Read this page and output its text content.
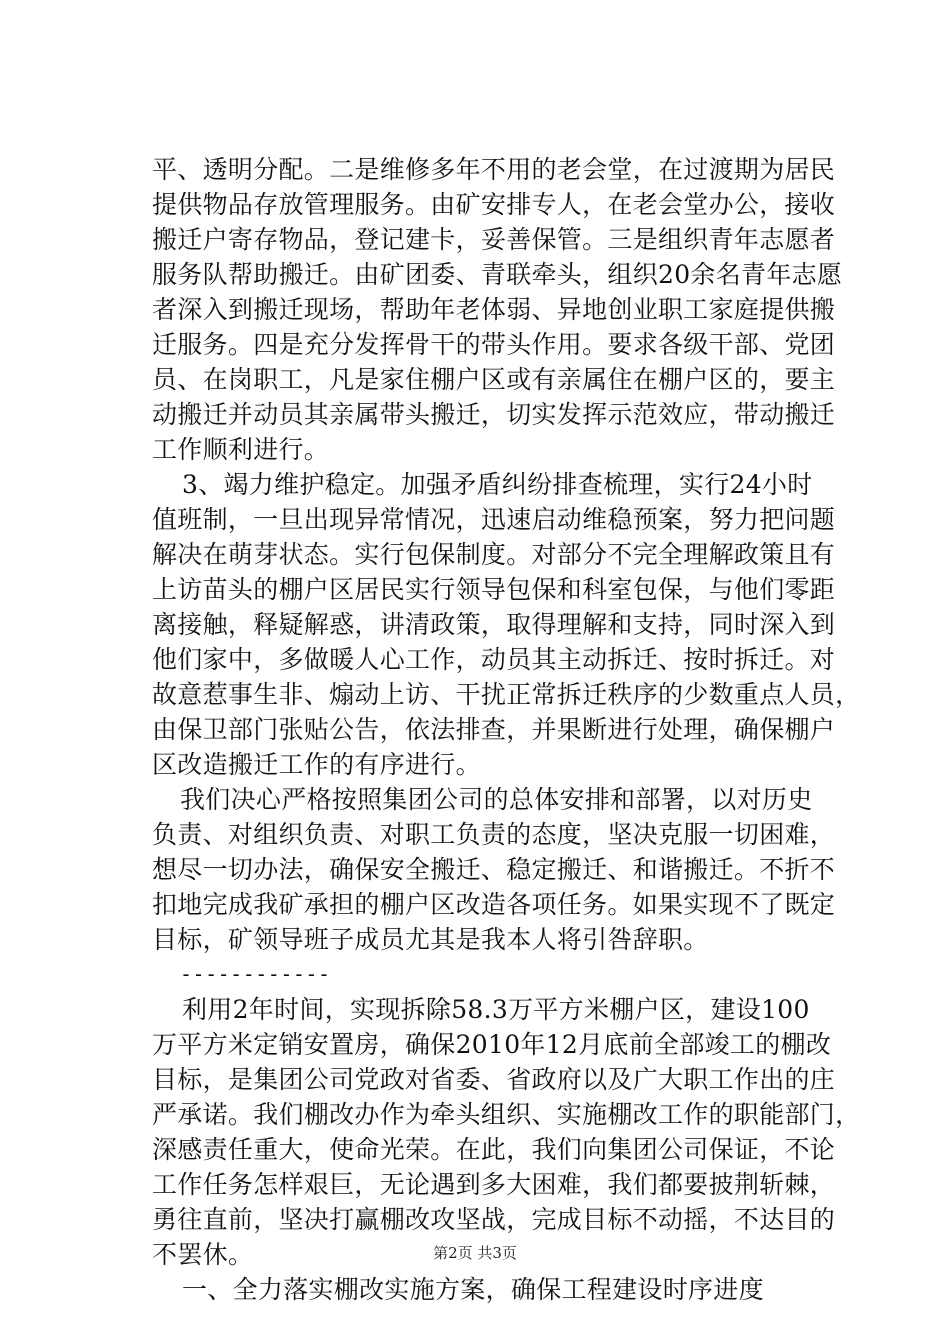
平、透明分配。二是维修多年不用的老会堂，在过渡期为居民
提供物品存放管理服务。由矿安排专人，在老会堂办公，接收
搬迁户寄存物品，登记建卡，妥善保管。三是组织青年志愿者
服务队帮助搬迁。由矿团委、青联牵头，组织20余名青年志愿
者深入到搬迁现场，帮助年老体弱、异地创业职工家庭提供搬
迁服务。四是充分发挥骨干的带头作用。要求各级干部、党团
员、在岗职工，凡是家住棚户区或有亲属住在棚户区的，要主
动搬迁并动员其亲属带头搬迁，切实发挥示范效应，带动搬迁
工作顺利进行。
3、竭力维护稳定。加强矛盾纠纷排查梳理，实行24小时
值班制，一旦出现异常情况，迅速启动维稳预案，努力把问题
解决在萌芽状态。实行包保制度。对部分不完全理解政策且有
上访苗头的棚户区居民实行领导包保和科室包保，与他们零距
离接触，释疑解惑，讲清政策，取得理解和支持，同时深入到
他们家中，多做暖人心工作，动员其主动拆迁、按时拆迁。对
故意惹事生非、煽动上访、干扰正常拆迁秩序的少数重点人员，
由保卫部门张贴公告，依法排查，并果断进行处理，确保棚户
区改造搬迁工作的有序进行。
我们决心严格按照集团公司的总体安排和部署，以对历史
负责、对组织负责、对职工负责的态度，坚决克服一切困难，
想尽一切办法，确保安全搬迁、稳定搬迁、和谐搬迁。不折不
扣地完成我矿承担的棚户区改造各项任务。如果实现不了既定
目标，矿领导班子成员尤其是我本人将引咎辞职。
------------
利用2年时间，实现拆除58.3万平方米棚户区，建设100
万平方米定销安置房，确保2010年12月底前全部竣工的棚改
目标，是集团公司党政对省委、省政府以及广大职工作出的庄
严承诺。我们棚改办作为牵头组织、实施棚改工作的职能部门，
深感责任重大，使命光荣。在此，我们向集团公司保证，不论
工作任务怎样艰巨，无论遇到多大困难，我们都要披荆斩棘，
勇往直前，坚决打赢棚改攻坚战，完成目标不动摇，不达目的
不罢休。
一、全力落实棚改实施方案，确保工程建设时序进度
第2页 共3页
